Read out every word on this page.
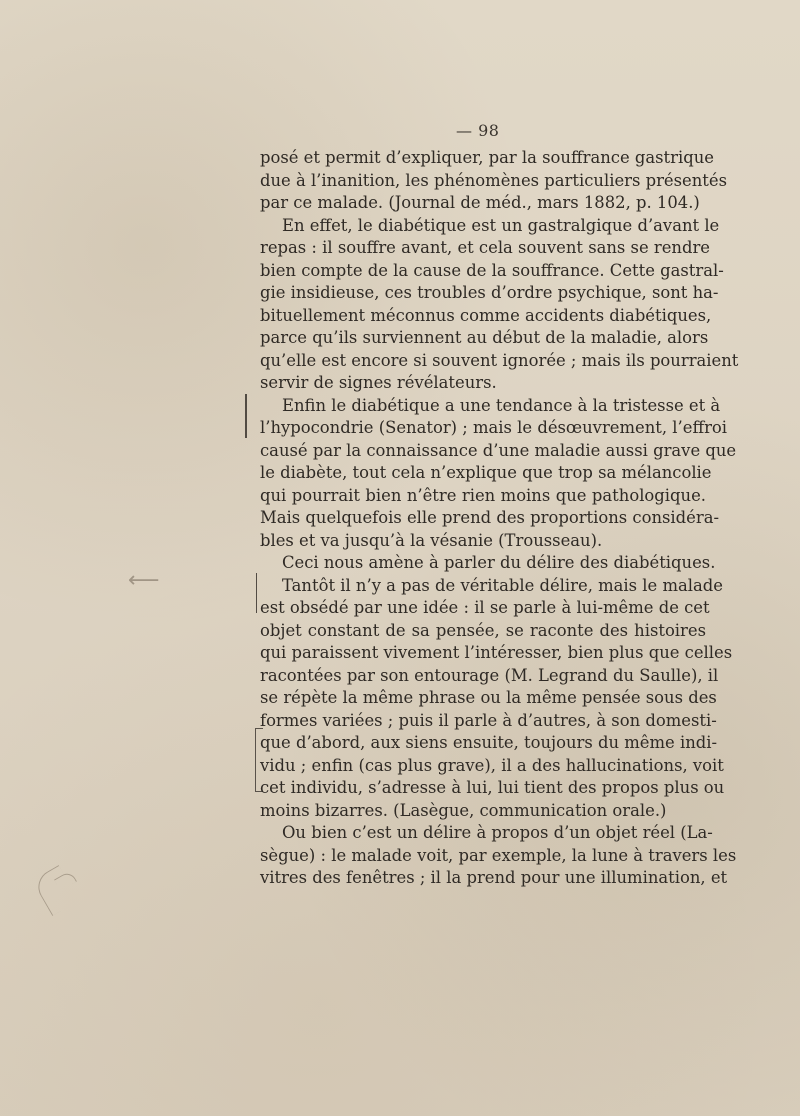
— 98
⟵
posé et permit d’expliquer, par la souffrance gastrique
due à l’inanition, les phénomènes particuliers présentés
par ce malade. (Journal de méd., mars 1882, p. 104.)
En effet, le diabétique est un gastralgique d’avant le
repas : il souffre avant, et cela souvent sans se rendre
bien compte de la cause de la souffrance. Cette gastral-
gie insidieuse, ces troubles d’ordre psychique, sont ha-
bituellement méconnus comme accidents diabétiques,
parce qu’ils surviennent au début de la maladie, alors
qu’elle est encore si souvent ignorée ; mais ils pourraient
servir de signes révélateurs.
Enfin le diabétique a une tendance à la tristesse et à
l’hypocondrie (Senator) ; mais le désœuvrement, l’effroi
causé par la connaissance d’une maladie aussi grave que
le diabète, tout cela n’explique que trop sa mélancolie
qui pourrait bien n’être rien moins que pathologique.
Mais quelquefois elle prend des proportions considéra-
bles et va jusqu’à la vésanie (Trousseau).
Ceci nous amène à parler du délire des diabétiques.
Tantôt il n’y a pas de véritable délire, mais le malade
est obsédé par une idée : il se parle à lui-même de cet
objet constant de sa pensée, se raconte des histoires
qui paraissent vivement l’intéresser, bien plus que celles
racontées par son entourage (M. Legrand du Saulle), il
se répète la même phrase ou la même pensée sous des
formes variées ; puis il parle à d’autres, à son domesti-
que d’abord, aux siens ensuite, toujours du même indi-
vidu ; enfin (cas plus grave), il a des hallucinations, voit
cet individu, s’adresse à lui, lui tient des propos plus ou
moins bizarres. (Lasègue, communication orale.)
Ou bien c’est un délire à propos d’un objet réel (La-
sègue) : le malade voit, par exemple, la lune à travers les
vitres des fenêtres ; il la prend pour une illumination, et
